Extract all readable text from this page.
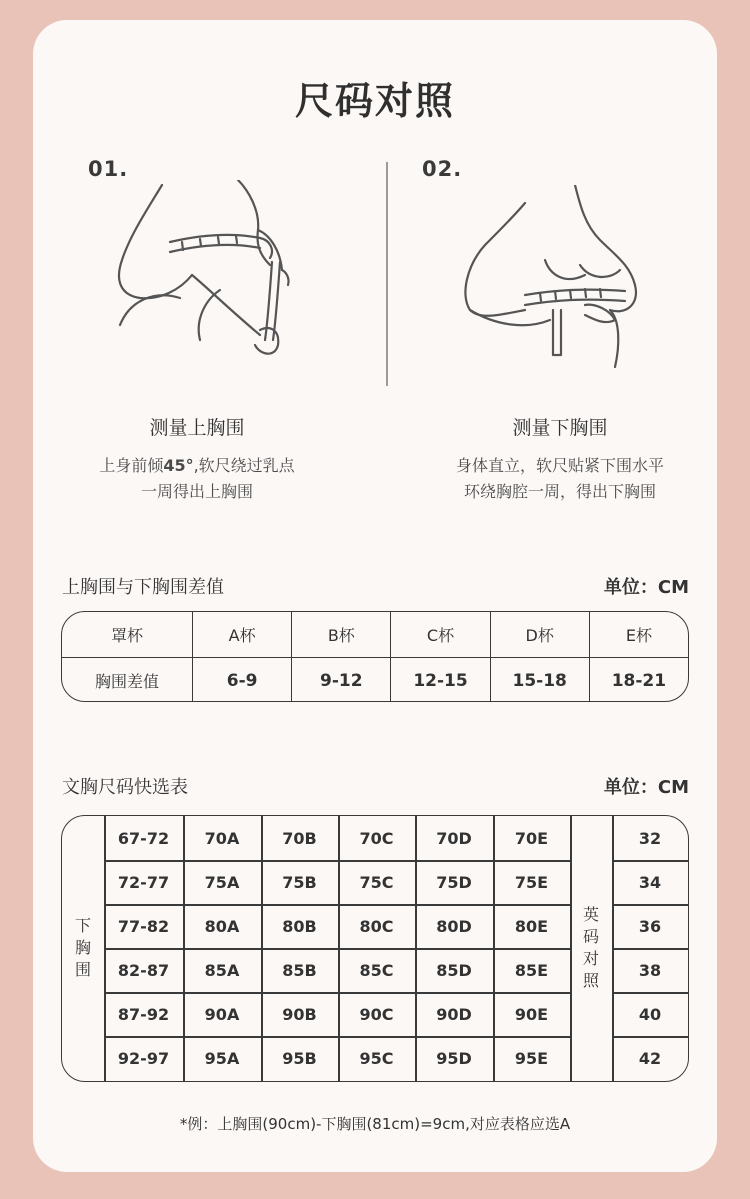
尺码对照
01.	02.
测量上胸围	测量下胸围
上身前倾45°,软尺绕过乳点
一周得出上胸围
身体直立，软尺贴紧下围水平
环绕胸腔一周，得出下胸围
上胸围与下胸围差值	单位：CM
罩杯	A杯	B杯	C杯	D杯	E杯
胸围差值	6-9	9-12	12-15	15-18	18-21
文胸尺码快选表	单位：CM
下
胸
围
英
码
对
照
67-72	70A	70B	70C	70D	70E	32
72-77	75A	75B	75C	75D	75E	34
77-82	80A	80B	80C	80D	80E	36
82-87	85A	85B	85C	85D	85E	38
87-92	90A	90B	90C	90D	90E	40
92-97	95A	95B	95C	95D	95E	42
*例：上胸围(90cm)-下胸围(81cm)=9cm,对应表格应选A
